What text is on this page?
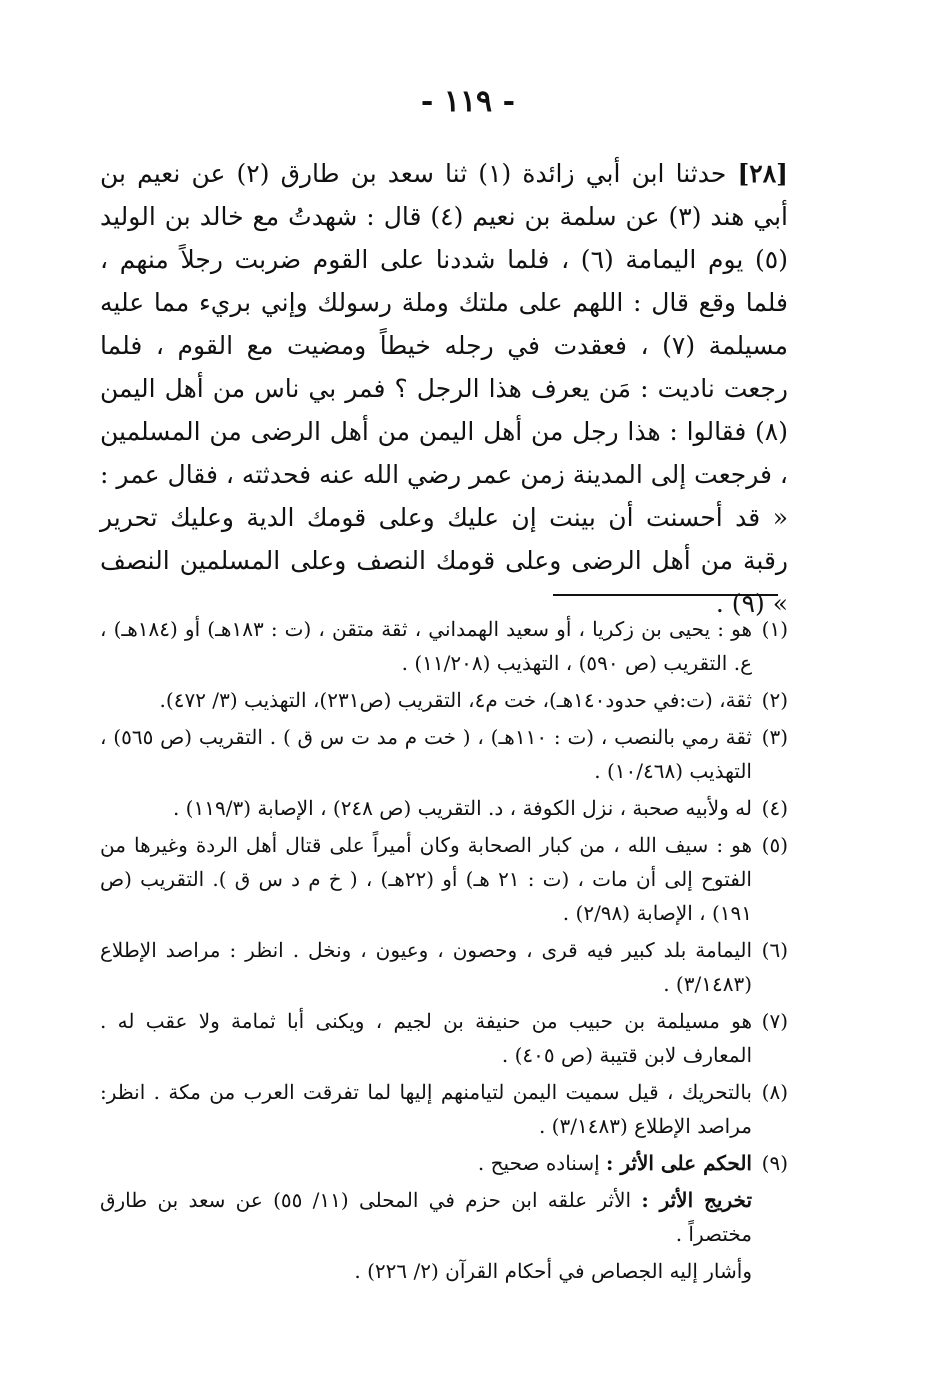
- ١١٩ -
[٢٨] حدثنا ابن أبي زائدة (١) ثنا سعد بن طارق (٢) عن نعيم بن أبي هند (٣) عن سلمة بن نعيم (٤) قال : شهدتُ مع خالد بن الوليد (٥) يوم اليمامة (٦) ، فلما شددنا على القوم ضربت رجلاً منهم ، فلما وقع قال : اللهم على ملتك وملة رسولك وإني بريء مما عليه مسيلمة (٧) ، فعقدت في رجله خيطاً ومضيت مع القوم ، فلما رجعت ناديت : مَن يعرف هذا الرجل ؟ فمر بي ناس من أهل اليمن (٨) فقالوا : هذا رجل من أهل اليمن من أهل الرضى من المسلمين ، فرجعت إلى المدينة زمن عمر رضي الله عنه فحدثته ، فقال عمر : « قد أحسنت أن بينت إن عليك وعلى قومك الدية وعليك تحرير رقبة من أهل الرضى وعلى قومك النصف وعلى المسلمين النصف » (٩) .
(١)
هو : يحيى بن زكريا ، أو سعيد الهمداني ، ثقة متقن ، (ت : ١٨٣هـ) أو (١٨٤هـ) ، ع. التقريب (ص ٥٩٠) ، التهذيب (١١/٢٠٨) .
(٢)
ثقة، (ت:في حدود١٤٠هـ)، خت م٤، التقريب (ص٢٣١)، التهذيب (٣/ ٤٧٢).
(٣)
ثقة رمي بالنصب ، (ت : ١١٠هـ) ، ( خت م مد ت س ق ) . التقريب (ص ٥٦٥) ، التهذيب (١٠/٤٦٨) .
(٤)
له ولأبيه صحبة ، نزل الكوفة ، د. التقريب (ص ٢٤٨) ، الإصابة (١١٩/٣) .
(٥)
هو : سيف الله ، من كبار الصحابة وكان أميراً على قتال أهل الردة وغيرها من الفتوح إلى أن مات ، (ت : ٢١ هـ) أو (٢٢هـ) ، ( خ م د س ق ). التقريب (ص ١٩١) ، الإصابة (٢/٩٨) .
(٦)
اليمامة بلد كبير فيه قرى ، وحصون ، وعيون ، ونخل . انظر : مراصد الإطلاع (٣/١٤٨٣) .
(٧)
هو مسيلمة بن حبيب من حنيفة بن لجيم ، ويكنى أبا ثمامة ولا عقب له . المعارف لابن قتيبة (ص ٤٠٥) .
(٨)
بالتحريك ، قيل سميت اليمن لتيامنهم إليها لما تفرقت العرب من مكة . انظر: مراصد الإطلاع (٣/١٤٨٣) .
(٩)
الحكم على الأثر : إسناده صحيح .
تخريج الأثر : الأثر علقه ابن حزم في المحلى (١١/ ٥٥) عن سعد بن طارق مختصراً .
وأشار إليه الجصاص في أحكام القرآن (٢/ ٢٢٦) .
